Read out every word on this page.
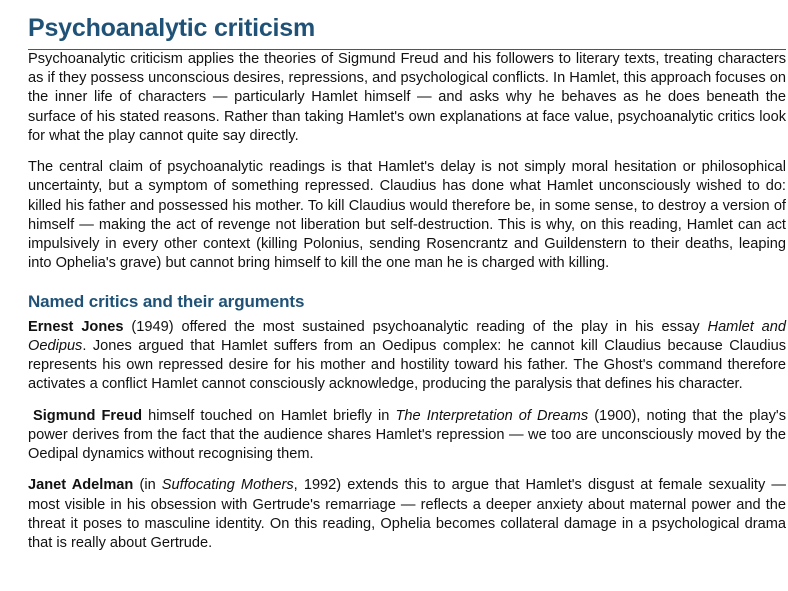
Psychoanalytic criticism

Psychoanalytic criticism applies the theories of Sigmund Freud and his followers to literary texts, treating characters as if they possess unconscious desires, repressions, and psychological conflicts. In Hamlet, this approach focuses on the inner life of characters — particularly Hamlet himself — and asks why he behaves as he does beneath the surface of his stated reasons. Rather than taking Hamlet's own explanations at face value, psychoanalytic critics look for what the play cannot quite say directly.

The central claim of psychoanalytic readings is that Hamlet's delay is not simply moral hesitation or philosophical uncertainty, but a symptom of something repressed. Claudius has done what Hamlet unconsciously wished to do: killed his father and possessed his mother. To kill Claudius would therefore be, in some sense, to destroy a version of himself — making the act of revenge not liberation but self-destruction. This is why, on this reading, Hamlet can act impulsively in every other context (killing Polonius, sending Rosencrantz and Guildenstern to their deaths, leaping into Ophelia's grave) but cannot bring himself to kill the one man he is charged with killing.

Named critics and their arguments

Ernest Jones (1949) offered the most sustained psychoanalytic reading of the play in his essay Hamlet and Oedipus. Jones argued that Hamlet suffers from an Oedipus complex: he cannot kill Claudius because Claudius represents his own repressed desire for his mother and hostility toward his father. The Ghost's command therefore activates a conflict Hamlet cannot consciously acknowledge, producing the paralysis that defines his character.

Sigmund Freud himself touched on Hamlet briefly in The Interpretation of Dreams (1900), noting that the play's power derives from the fact that the audience shares Hamlet's repression — we too are unconsciously moved by the Oedipal dynamics without recognising them.

Janet Adelman (in Suffocating Mothers, 1992) extends this to argue that Hamlet's disgust at female sexuality — most visible in his obsession with Gertrude's remarriage — reflects a deeper anxiety about maternal power and the threat it poses to masculine identity. On this reading, Ophelia becomes collateral damage in a psychological drama that is really about Gertrude.
